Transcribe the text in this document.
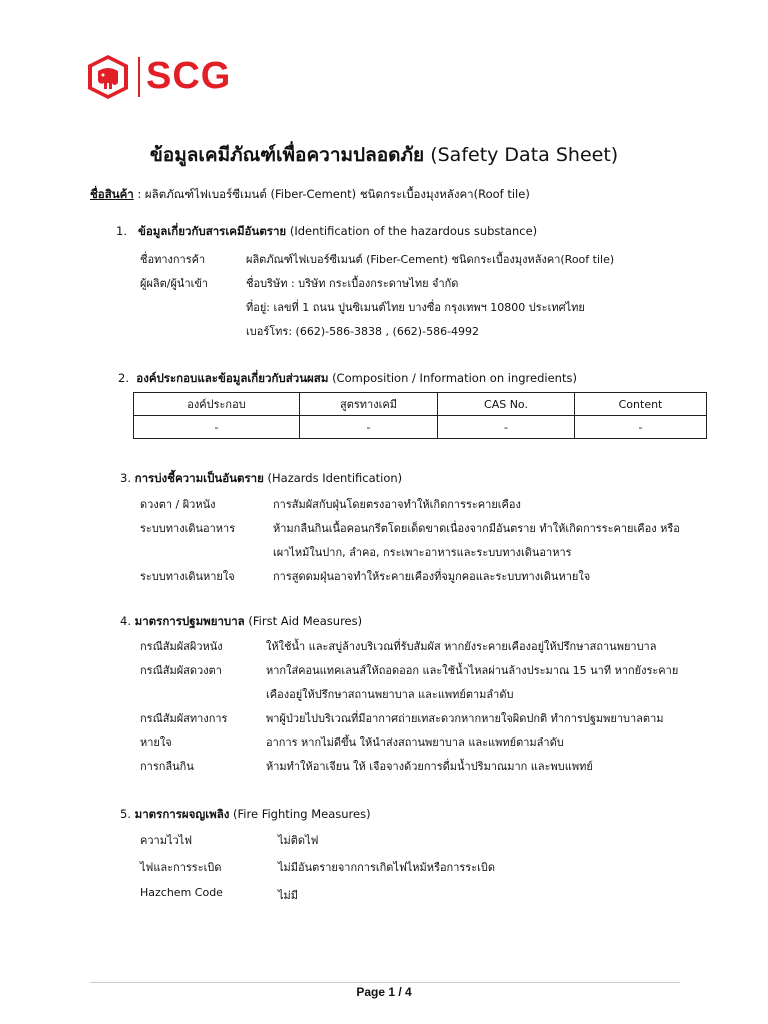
SCG
ข้อมูลเคมีภัณฑ์เพื่อความปลอดภัย (Safety Data Sheet)
ชื่อสินค้า : ผลิตภัณฑ์ไฟเบอร์ซีเมนต์ (Fiber-Cement) ชนิดกระเบื้องมุงหลังคา(Roof tile)
1. ข้อมูลเกี่ยวกับสารเคมีอันตราย (Identification of the hazardous substance)
ชื่อทางการค้า	ผลิตภัณฑ์ไฟเบอร์ซีเมนต์ (Fiber-Cement) ชนิดกระเบื้องมุงหลังคา(Roof tile)
ผู้ผลิต/ผู้นำเข้า	ชื่อบริษัท : บริษัท กระเบื้องกระดาษไทย จำกัด
ที่อยู่: เลขที่ 1 ถนน ปูนซิเมนต์ไทย บางซื่อ กรุงเทพฯ 10800 ประเทศไทย
เบอร์โทร: (662)-586-3838 , (662)-586-4992
2. องค์ประกอบและข้อมูลเกี่ยวกับส่วนผสม (Composition / Information on ingredients)
องค์ประกอบ	สูตรทางเคมี	CAS No.	Content
-	-	-	-
3. การบ่งชี้ความเป็นอันตราย (Hazards Identification)
ดวงตา / ผิวหนัง	การสัมผัสกับฝุ่นโดยตรงอาจทำให้เกิดการระคายเคือง
ระบบทางเดินอาหาร	ห้ามกลืนกินเนื้อคอนกรีตโดยเด็ดขาดเนื่องจากมีอันตราย ทำให้เกิดการระคายเคือง หรือ
เผาไหม้ในปาก, ลำคอ, กระเพาะอาหารและระบบทางเดินอาหาร
ระบบทางเดินหายใจ	การสูดดมฝุ่นอาจทำให้ระคายเคืองที่จมูกคอและระบบทางเดินหายใจ
4. มาตรการปฐมพยาบาล (First Aid Measures)
กรณีสัมผัสผิวหนัง	ให้ใช้น้ำ และสบู่ล้างบริเวณที่รับสัมผัส หากยังระคายเคืองอยู่ให้ปรึกษาสถานพยาบาล
กรณีสัมผัสดวงตา	หากใส่คอนแทคเลนส์ให้ถอดออก และใช้น้ำไหลผ่านล้างประมาณ 15 นาที หากยังระคาย
เคืองอยู่ให้ปรึกษาสถานพยาบาล และแพทย์ตามลำดับ
กรณีสัมผัสทางการ	พาผู้ป่วยไปบริเวณที่มีอากาศถ่ายเทสะดวกหากหายใจผิดปกติ ทำการปฐมพยาบาลตาม
หายใจ	อาการ หากไม่ดีขึ้น ให้นำส่งสถานพยาบาล และแพทย์ตามลำดับ
การกลืนกิน	ห้ามทำให้อาเจียน ให้ เจือจางด้วยการดื่มน้ำปริมาณมาก และพบแพทย์
5. มาตรการผจญเพลิง (Fire Fighting Measures)
ความไวไฟ	ไม่ติดไฟ
ไฟและการระเบิด	ไม่มีอันตรายจากการเกิดไฟไหม้หรือการระเบิด
Hazchem Code	ไม่มี
Page 1 / 4
